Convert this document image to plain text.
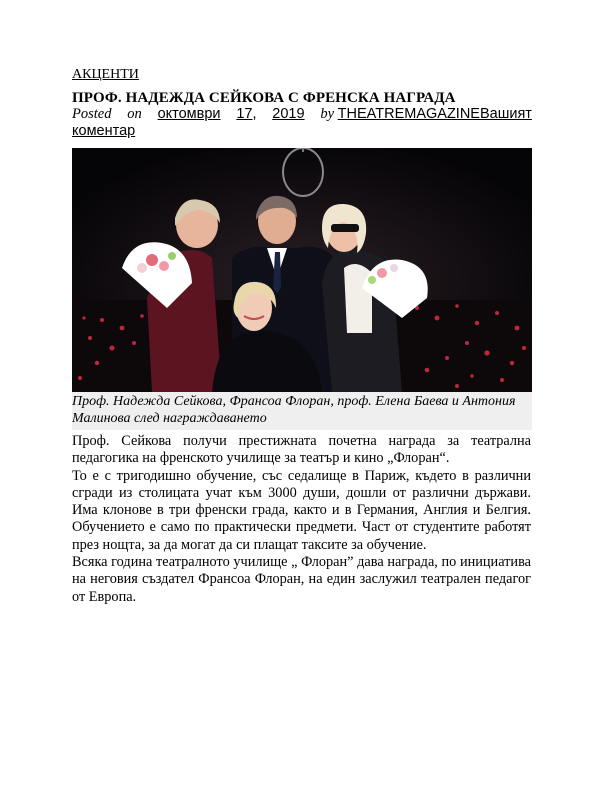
АКЦЕНТИ
ПРОФ. НАДЕЖДА СЕЙКОВА С ФРЕНСКА НАГРАДА
Posted on октомври 17, 2019 by THEATREMAGAZINEВашият
коментар
Проф. Надежда Сейкова, Франсоа Флоран, проф. Елена Баева и Антония Малинова след награждаването

Проф. Сейкова получи престижната почетна награда за театрална педагогика на френското училище за театър и кино „Флоран“.

То е с тригодишно обучение, със седалище в Париж, където в различни сгради из столицата учат към 3000 души, дошли от различни държави. Има клонове в три френски града, както и в Германия, Англия и Белгия. Обучението е само по практически предмети. Част от студентите работят през нощта, за да могат да си плащат таксите за обучение.

Всяка година театралното училище „ Флоран” дава награда, по инициатива на неговия създател Франсоа Флоран, на един заслужил театрален педагог от Европа.
